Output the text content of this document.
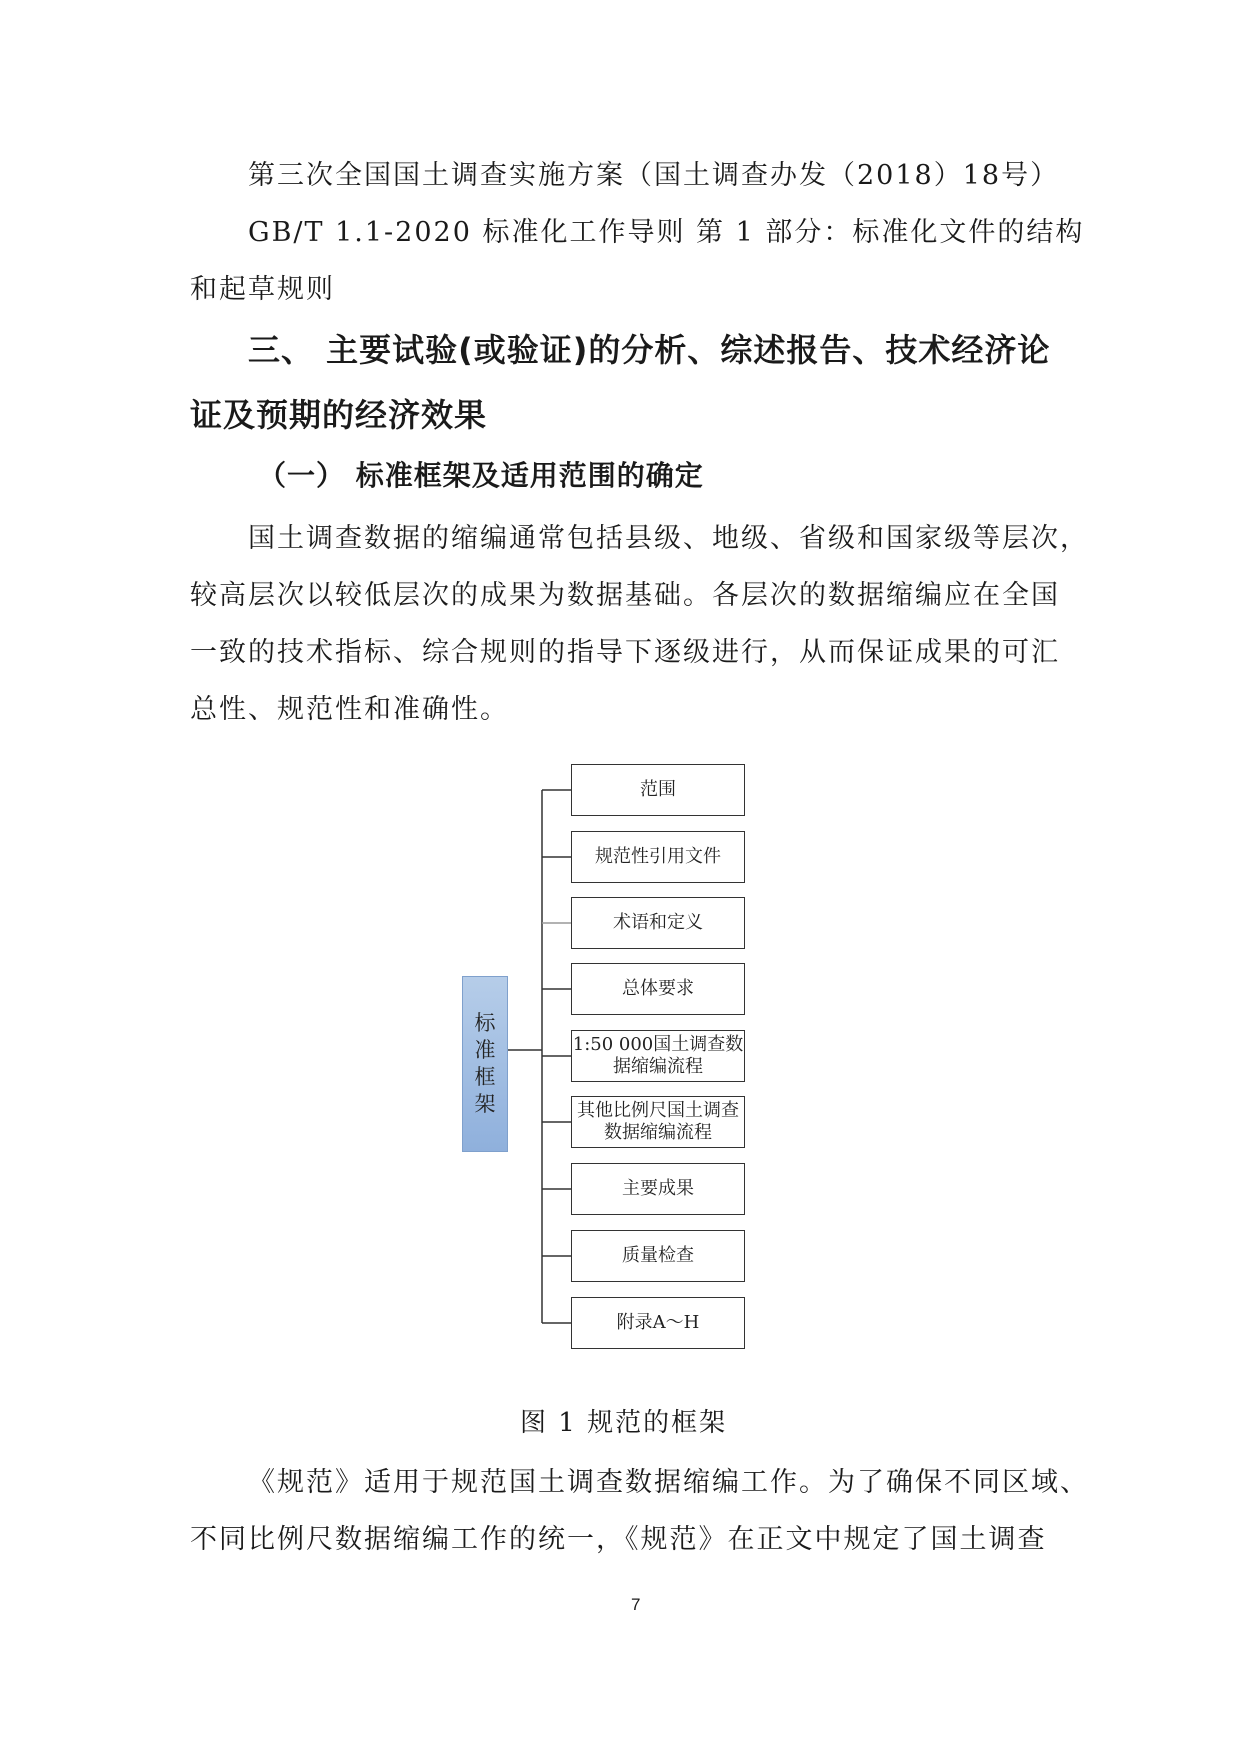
第三次全国国土调查实施方案（国土调查办发（2018）18号）
GB/T 1.1-2020 标准化工作导则 第 1 部分：标准化文件的结构
和起草规则
三、 主要试验(或验证)的分析、综述报告、技术经济论
证及预期的经济效果
（一） 标准框架及适用范围的确定
国土调查数据的缩编通常包括县级、地级、省级和国家级等层次，
较高层次以较低层次的成果为数据基础。各层次的数据缩编应在全国
一致的技术指标、综合规则的指导下逐级进行，从而保证成果的可汇
总性、规范性和准确性。
标准框架
范围
规范性引用文件
术语和定义
总体要求
1:50 000国土调查数据缩编流程
其他比例尺国土调查数据缩编流程
主要成果
质量检查
附录A～H
图 1 规范的框架
《规范》适用于规范国土调查数据缩编工作。为了确保不同区域、
不同比例尺数据缩编工作的统一，《规范》在正文中规定了国土调查
7
